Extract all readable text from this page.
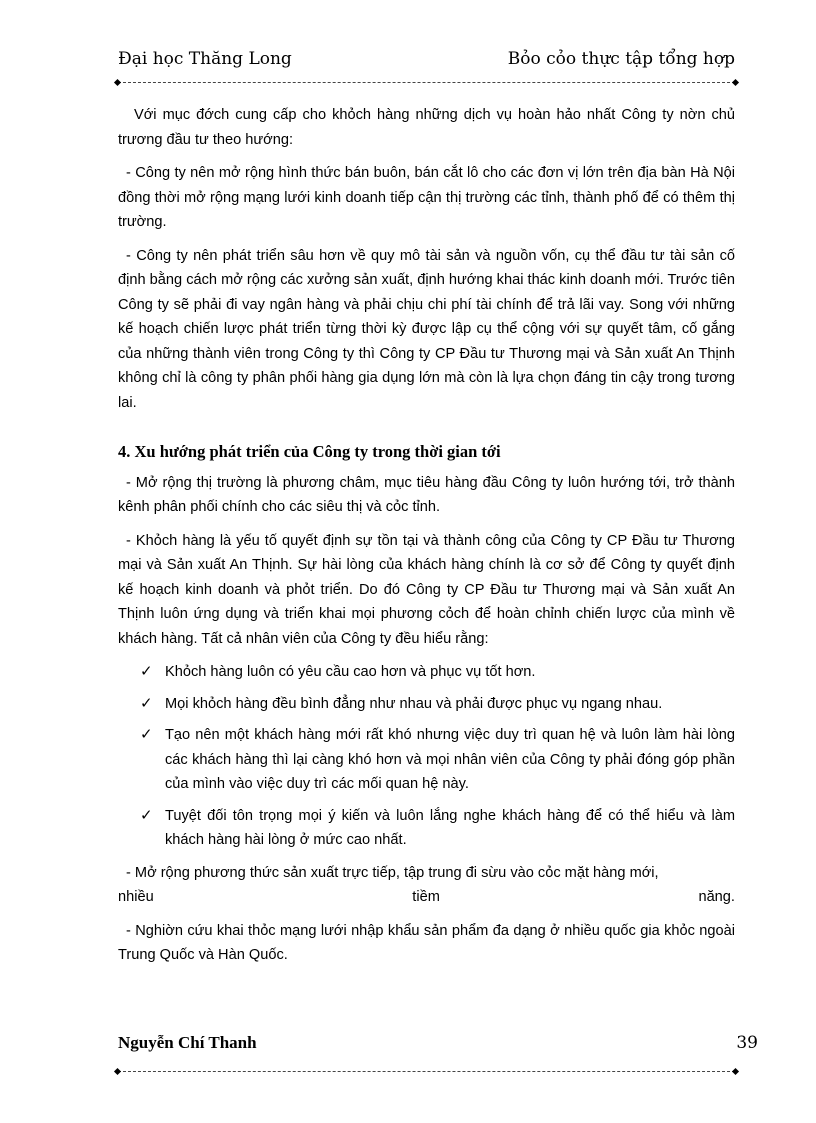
Đại học Thăng Long	Bỏo cỏo thực tập tổng hợp

Với mục đớch cung cấp cho khỏch hàng những dịch vụ hoàn hảo nhất Công ty nờn chủ trương đầu tư theo hướng:

- Công ty nên mở rộng hình thức bán buôn, bán cắt lô cho các đơn vị lớn trên địa bàn Hà Nội đồng thời mở rộng mạng lưới kinh doanh tiếp cận thị trường các tỉnh, thành phố để có thêm thị trường.

- Công ty nên phát triển sâu hơn về quy mô tài sản và nguồn vốn, cụ thể đầu tư tài sản cố định bằng cách mở rộng các xưởng sản xuất, định hướng khai thác kinh doanh mới. Trước tiên Công ty sẽ phải đi vay ngân hàng và phải chịu chi phí tài chính để trả lãi vay. Song với những kế hoạch chiến lược phát triển từng thời kỳ được lập cụ thể cộng với sự quyết tâm, cố gắng của những thành viên trong Công ty thì Công ty CP Đầu tư Thương mại và Sản xuất An Thịnh không chỉ là công ty phân phối hàng gia dụng lớn mà còn là lựa chọn đáng tin cậy trong tương lai.

4. Xu hướng phát triển của Công ty trong thời gian tới

- Mở rộng thị trường là phương châm, mục tiêu hàng đầu Công ty luôn hướng tới, trở thành kênh phân phối chính cho các siêu thị và cỏc tỉnh.

- Khỏch hàng là yếu tố quyết định sự tồn tại và thành công của Công ty CP Đầu tư Thương mại và Sản xuất An Thịnh. Sự hài lòng của khách hàng chính là cơ sở để Công ty quyết định kế hoạch kinh doanh và phỏt triển. Do đó Công ty CP Đầu tư Thương mại và Sản xuất An Thịnh luôn ứng dụng và triển khai mọi phương cỏch để hoàn chỉnh chiến lược của mình về khách hàng. Tất cả nhân viên của Công ty đều hiểu rằng:

✓ Khỏch hàng luôn có yêu cầu cao hơn và phục vụ tốt hơn.
✓ Mọi khỏch hàng đều bình đẳng như nhau và phải được phục vụ ngang nhau.
✓ Tạo nên một khách hàng mới rất khó nhưng việc duy trì quan hệ và luôn làm hài lòng các khách hàng thì lại càng khó hơn và mọi nhân viên của Công ty phải đóng góp phần của mình vào việc duy trì các mối quan hệ này.
✓ Tuyệt đối tôn trọng mọi ý kiến và luôn lắng nghe khách hàng để có thể hiểu và làm khách hàng hài lòng ở mức cao nhất.

- Mở rộng phương thức sản xuất trực tiếp, tập trung đi sừu vào cỏc mặt hàng mới,

nhiều	tiềm	năng.

- Nghiờn cứu khai thỏc mạng lưới nhập khẩu sản phẩm đa dạng ở nhiều quốc gia khỏc ngoài Trung Quốc và Hàn Quốc.

Nguyễn Chí Thanh	39
